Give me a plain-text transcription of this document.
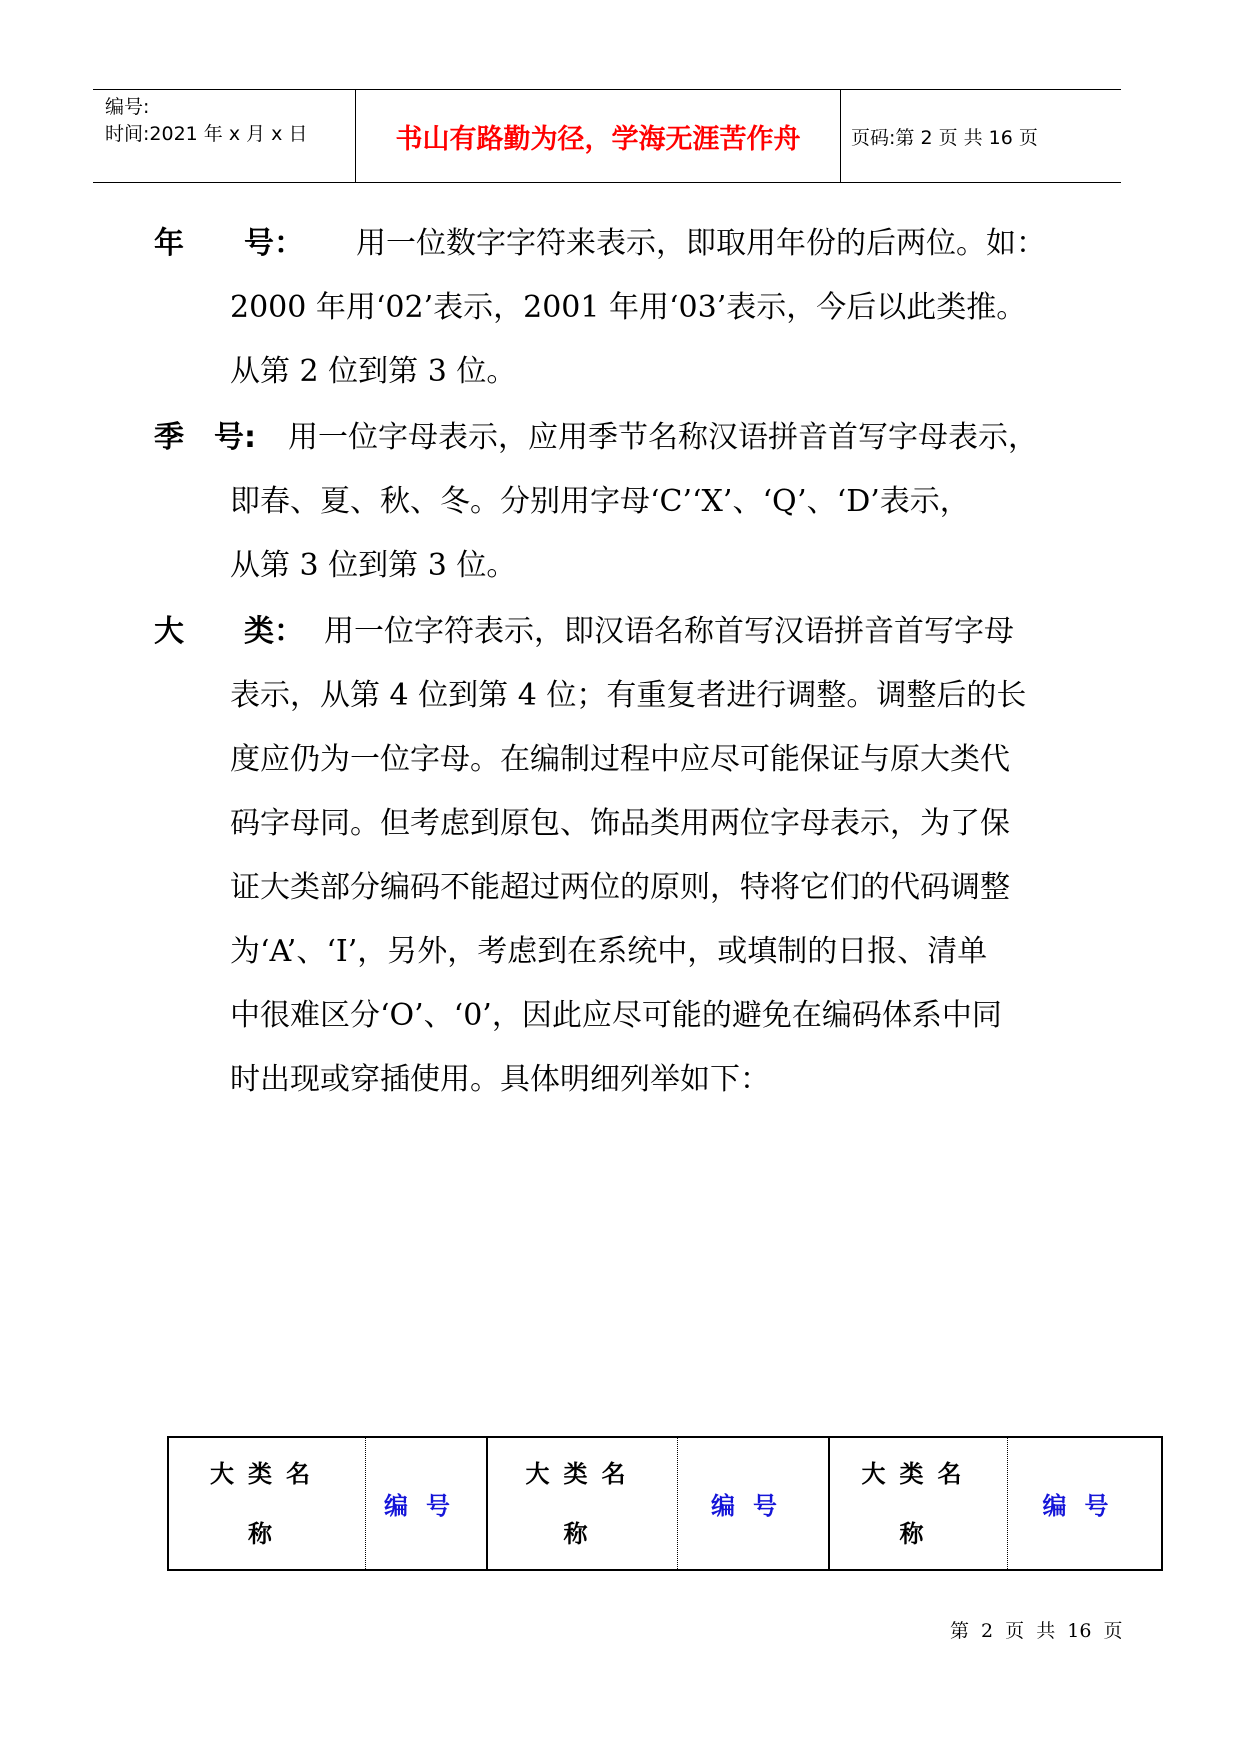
编号:
时间:2021 年 x 月 x 日	书山有路勤为径，学海无涯苦作舟	页码:第 2 页 共 16 页
年　　号： 用一位数字字符来表示，即取用年份的后两位。如：
2000 年用‘02’表示，2001 年用‘03’表示，今后以此类推。
从第 2 位到第 3 位。
季　号: 用一位字母表示，应用季节名称汉语拼音首写字母表示，
即春、夏、秋、冬。分别用字母‘C’‘X’、‘Q’、‘D’表示，
从第 3 位到第 3 位。
大　　类： 用一位字符表示，即汉语名称首写汉语拼音首写字母
表示，从第 4 位到第 4 位；有重复者进行调整。调整后的长
度应仍为一位字母。在编制过程中应尽可能保证与原大类代
码字母同。但考虑到原包、饰品类用两位字母表示，为了保
证大类部分编码不能超过两位的原则，特将它们的代码调整
为‘A’、‘I’，另外，考虑到在系统中，或填制的日报、清单
中很难区分‘O’、‘0’，因此应尽可能的避免在编码体系中同
时出现或穿插使用。具体明细列举如下：
大类名
称
	编号	
大类名
称
	编号	
大类名
称
	编号
第 2 页 共 16 页
